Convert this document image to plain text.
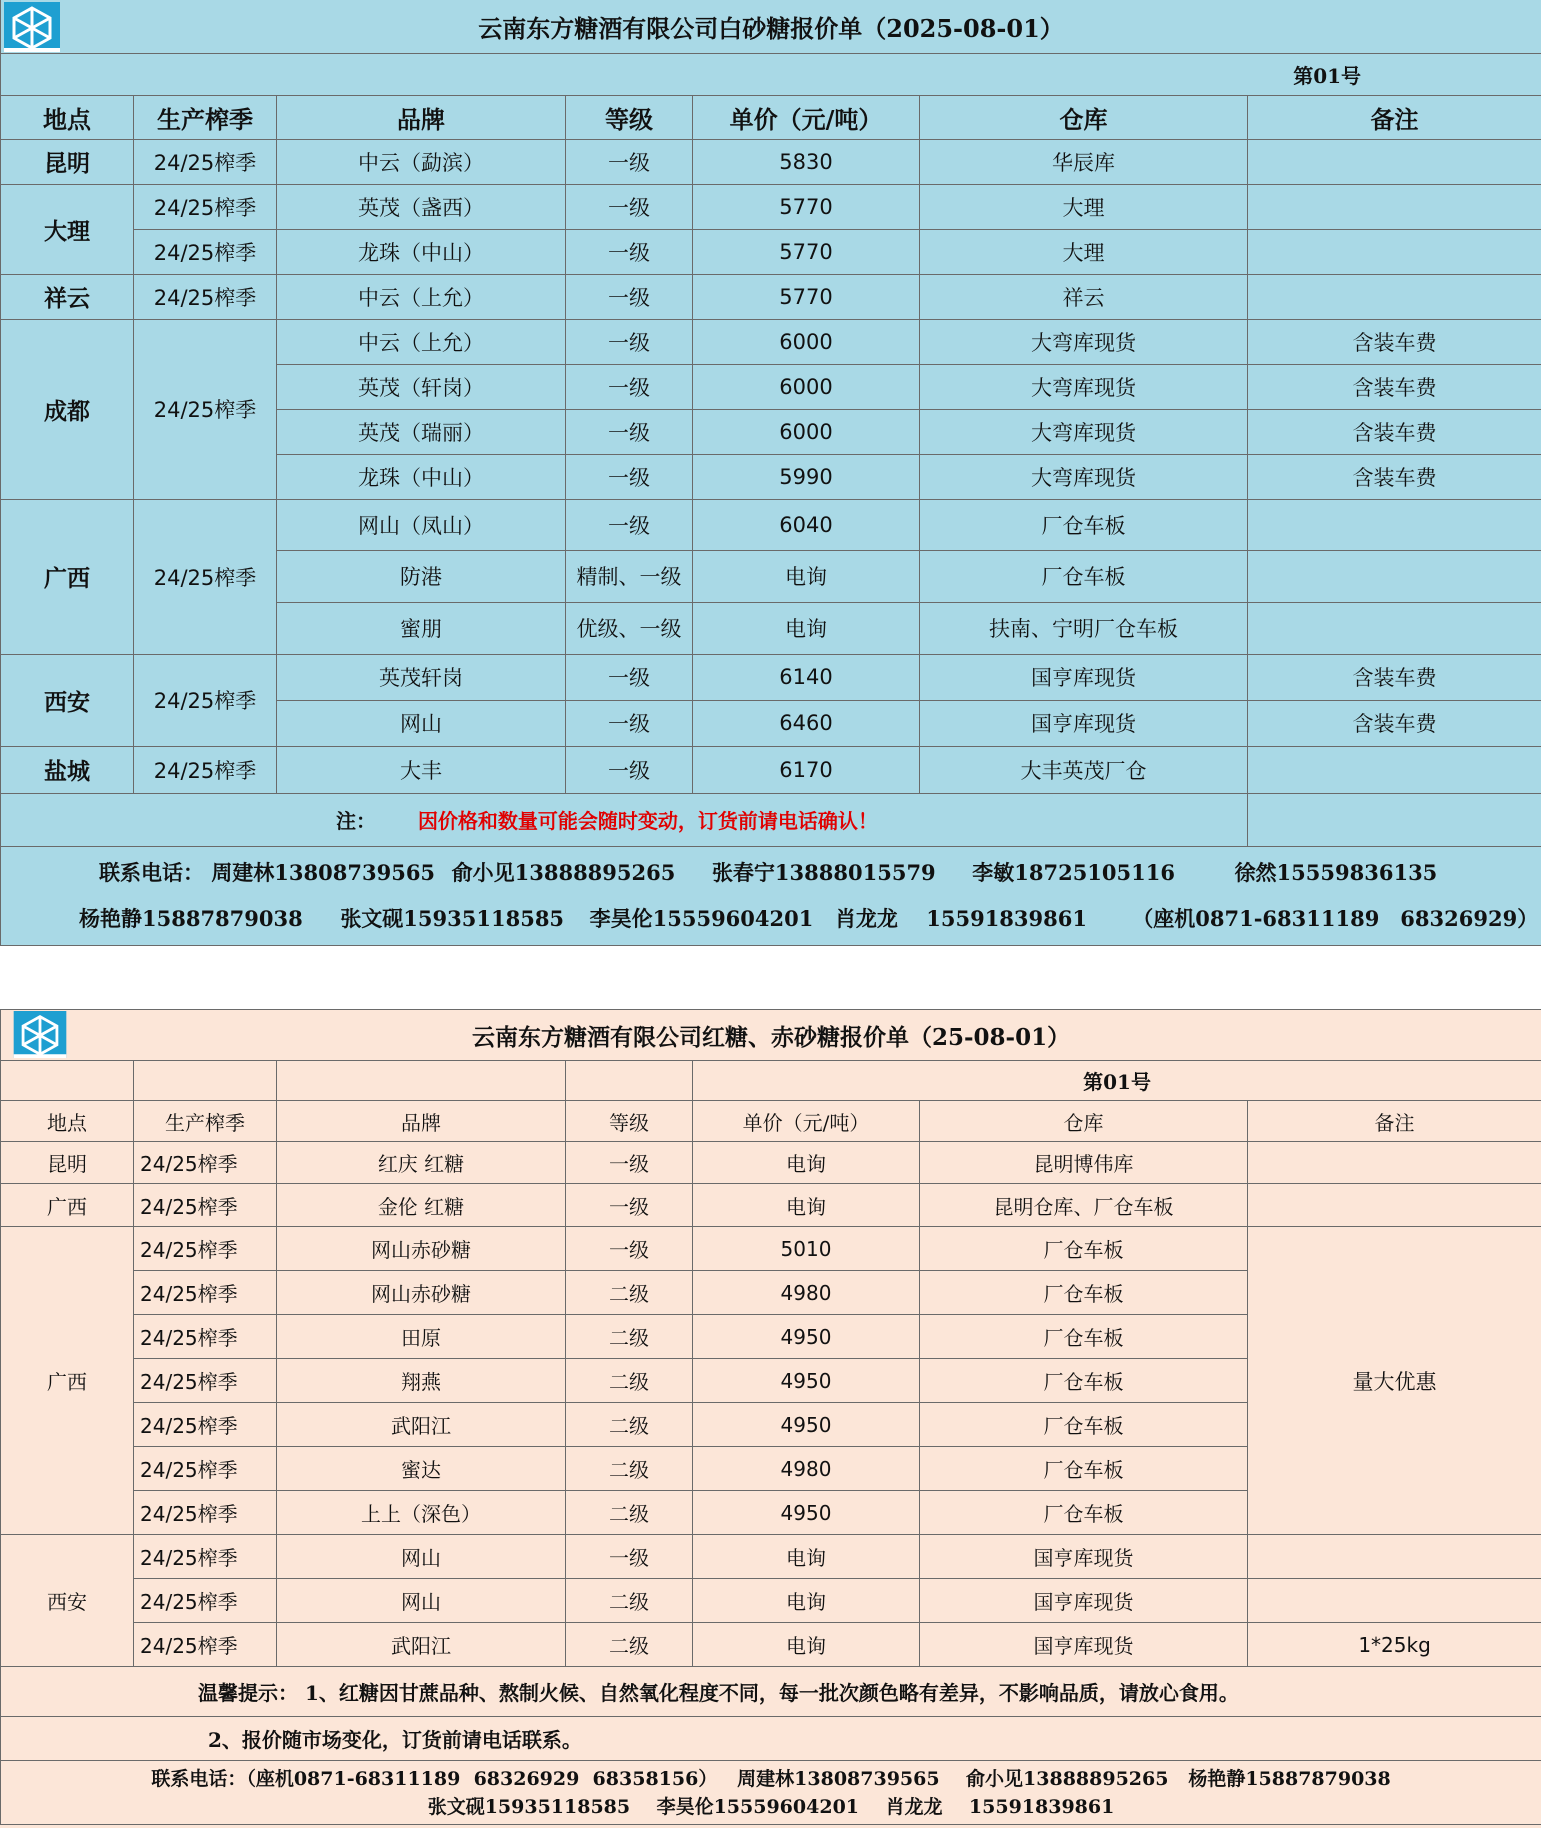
云南东方糖酒有限公司白砂糖报价单（2025-08-01）						
第01号						
地点	生产榨季	品牌	等级	单价（元/吨）	仓库	备注
昆明	24/25榨季	中云（勐滨）	一级	5830	华辰库	
大理	24/25榨季	英茂（盏西）	一级	5770	大理	
	24/25榨季	龙珠（中山）	一级	5770	大理	
祥云	24/25榨季	中云（上允）	一级	5770	祥云	
成都	24/25榨季	中云（上允）	一级	6000	大弯库现货	含装车费
		英茂（轩岗）	一级	6000	大弯库现货	含装车费
		英茂（瑞丽）	一级	6000	大弯库现货	含装车费
		龙珠（中山）	一级	5990	大弯库现货	含装车费
广西	24/25榨季	网山（凤山）	一级	6040	厂仓车板	
		防港	精制、一级	电询	厂仓车板	
		蜜朋	优级、一级	电询	扶南、宁明厂仓车板	
西安	24/25榨季	英茂轩岗	一级	6140	国亨库现货	含装车费
		网山	一级	6460	国亨库现货	含装车费
盐城	24/25榨季	大丰	一级	6170	大丰英茂厂仓	
注： 因价格和数量可能会随时变动，订货前请电话确认！						

联系电话： 周建林13808739565 俞小见13888895265 张春宁13888015579 李敏18725105116 徐然15559836135
杨艳静15887879038 张文砚15935118585 李昊伦15559604201 肖龙龙　 15591839861 （座机0871-68311189　68326929）						
云南东方糖酒有限公司红糖、赤砂糖报价单（25-08-01）						
				第01号		
地点	生产榨季	品牌	等级	单价（元/吨）	仓库	备注
昆明	24/25榨季	红庆 红糖	一级	电询	昆明博伟库	
广西	24/25榨季	金伦 红糖	一级	电询	昆明仓库、厂仓车板	
广西	24/25榨季	网山赤砂糖	一级	5010	厂仓车板	量大优惠
	24/25榨季	网山赤砂糖	二级	4980	厂仓车板	
	24/25榨季	田原	二级	4950	厂仓车板	
	24/25榨季	翔燕	二级	4950	厂仓车板	
	24/25榨季	武阳江	二级	4950	厂仓车板	
	24/25榨季	蜜达	二级	4980	厂仓车板	
	24/25榨季	上上（深色）	二级	4950	厂仓车板	
西安	24/25榨季	网山	一级	电询	国亨库现货	
	24/25榨季	网山	二级	电询	国亨库现货	
	24/25榨季	武阳江	二级	电询	国亨库现货	1*25kg
温馨提示： 1、红糖因甘蔗品种、熬制火候、自然氧化程度不同，每一批次颜色略有差异，不影响品质，请放心食用。						
2、报价随市场变化，订货前请电话联系。						

联系电话：（座机0871-68311189  68326929  68358156）   周建林13808739565    俞小见13888895265   杨艳静15887879038
张文砚15935118585    李昊伦15559604201    肖龙龙    15591839861						
